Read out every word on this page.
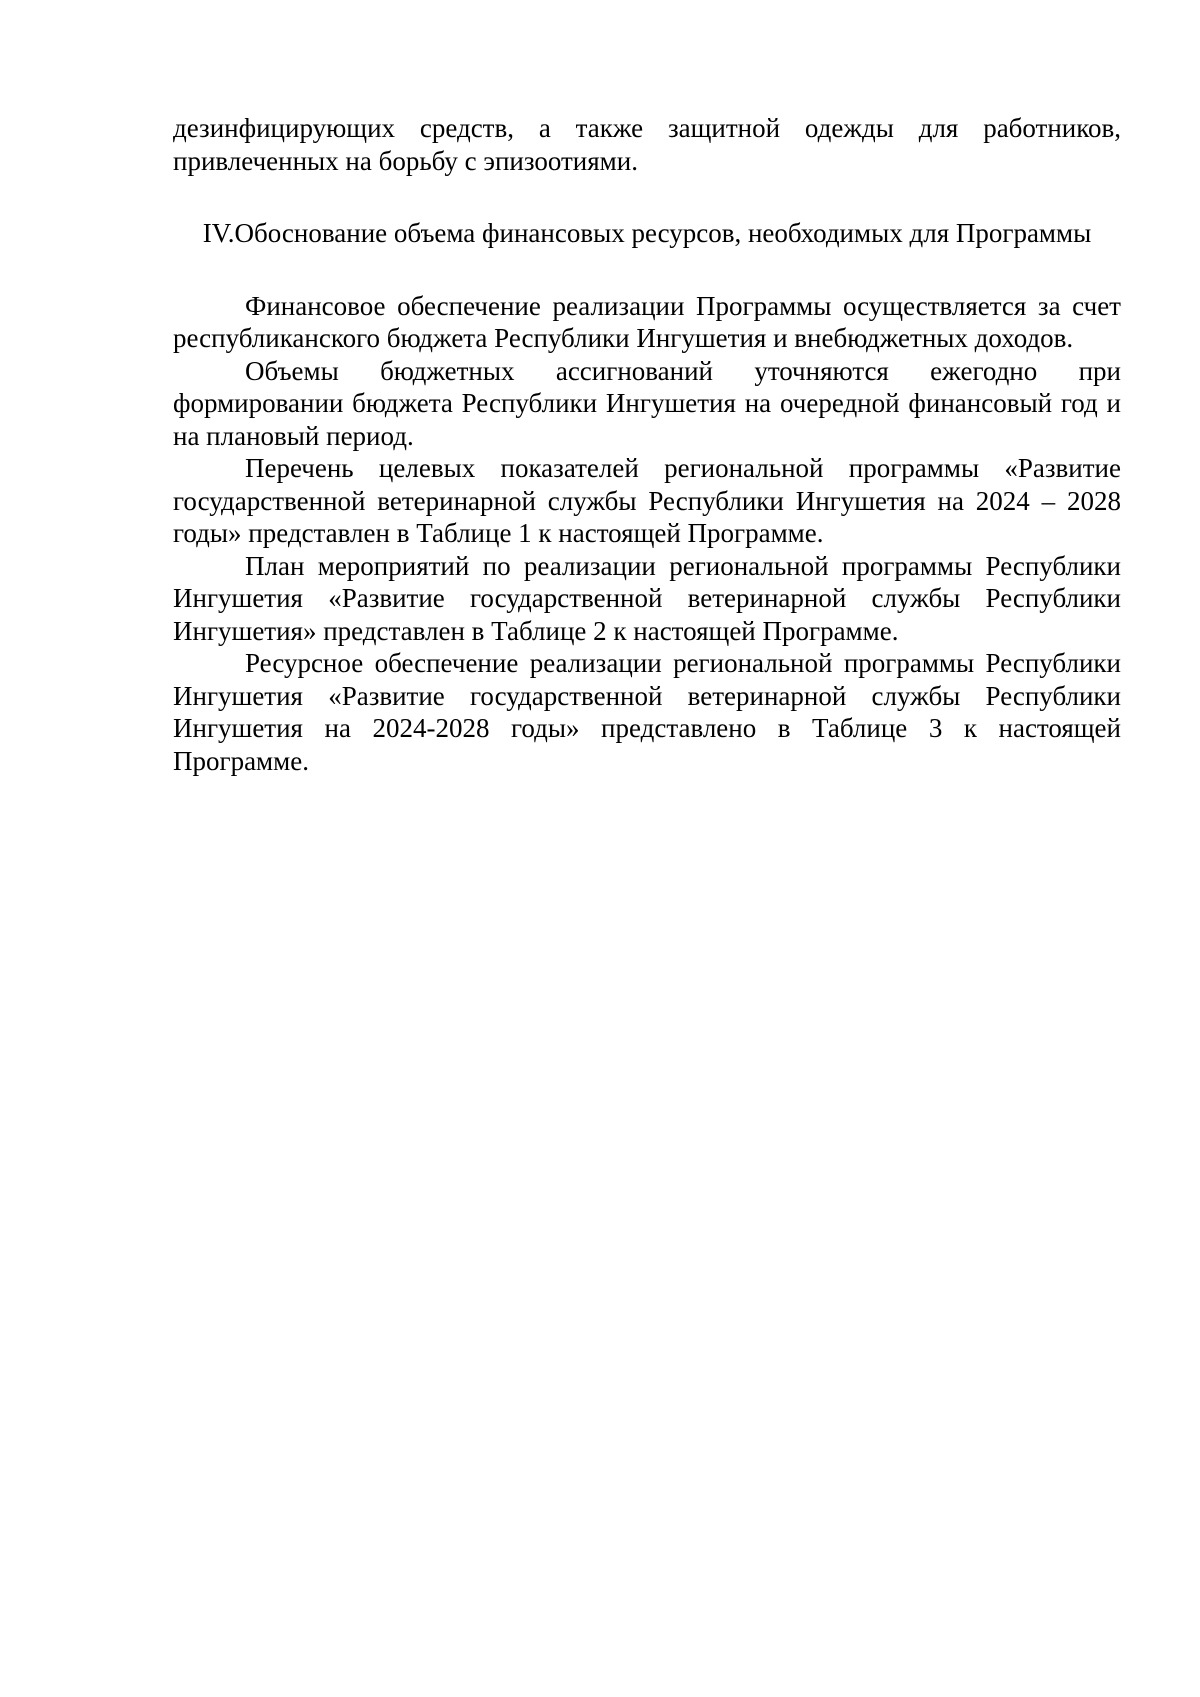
дезинфицирующих средств, а также защитной одежды для работников, привлеченных на борьбу с эпизоотиями.

IV.Обоснование объема финансовых ресурсов, необходимых для Программы

Финансовое обеспечение реализации Программы осуществляется за счет республиканского бюджета Республики Ингушетия и внебюджетных доходов.

Объемы бюджетных ассигнований уточняются ежегодно при формировании бюджета Республики Ингушетия на очередной финансовый год и на плановый период.

Перечень целевых показателей региональной программы «Развитие государственной ветеринарной службы Республики Ингушетия на 2024 – 2028 годы» представлен в Таблице 1 к настоящей Программе.

План мероприятий по реализации региональной программы Республики Ингушетия «Развитие государственной ветеринарной службы Республики Ингушетия» представлен в Таблице 2 к настоящей Программе.

Ресурсное обеспечение реализации региональной программы Республики Ингушетия «Развитие государственной ветеринарной службы Республики Ингушетия на 2024-2028 годы» представлено в Таблице 3 к настоящей Программе.
